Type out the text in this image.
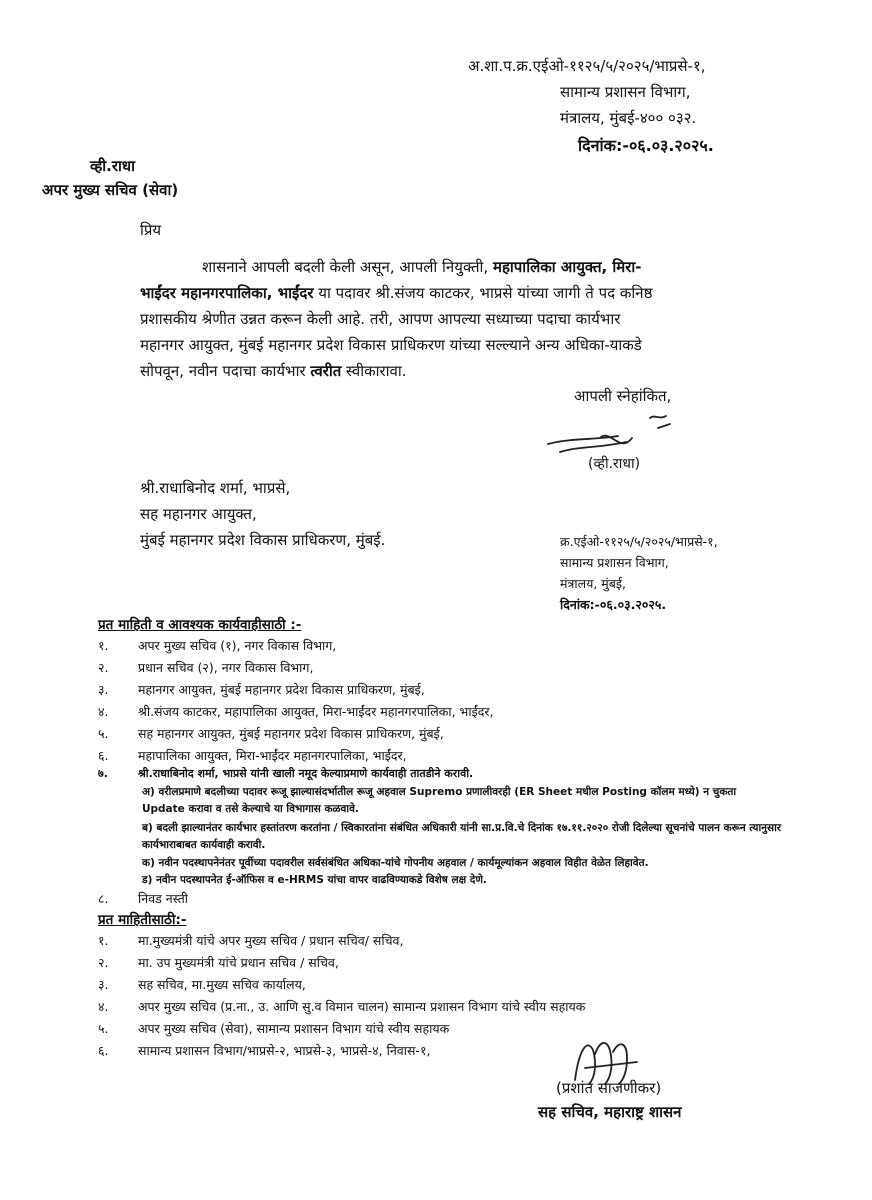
अ.शा.प.क्र.एईओ-११२५/५/२०२५/भाप्रसे-१,
सामान्य प्रशासन विभाग,
मंत्रालय, मुंबई-४०० ०३२.
दिनांक:-०६.०३.२०२५.
व्ही.राधा
अपर मुख्य सचिव (सेवा)
प्रिय
शासनाने आपली बदली केली असून, आपली नियुक्ती, महापालिका आयुक्त, मिरा-
भाईंदर महानगरपालिका, भाईंदर या पदावर श्री.संजय काटकर, भाप्रसे यांच्या जागी ते पद कनिष्ठ
प्रशासकीय श्रेणीत उन्नत करून केली आहे. तरी, आपण आपल्या सध्याच्या पदाचा कार्यभार
महानगर आयुक्त, मुंबई महानगर प्रदेश विकास प्राधिकरण यांच्या सल्ल्याने अन्य अधिका-याकडे
सोपवून, नवीन पदाचा कार्यभार त्वरीत स्वीकारावा.
आपली स्नेहांकित,
(व्ही.राधा)
श्री.राधाबिनोद शर्मा, भाप्रसे,
सह महानगर आयुक्त,
मुंबई महानगर प्रदेश विकास प्राधिकरण, मुंबई.	क्र.एईओ-११२५/५/२०२५/भाप्रसे-१,
सामान्य प्रशासन विभाग,
मंत्रालय, मुंबई,
दिनांक:-०६.०३.२०२५.
प्रत माहिती व आवश्यक कार्यवाहीसाठी :-
१.	अपर मुख्य सचिव (१), नगर विकास विभाग,
२.	प्रधान सचिव (२), नगर विकास विभाग,
३.	महानगर आयुक्त, मुंबई महानगर प्रदेश विकास प्राधिकरण, मुंबई,
४.	श्री.संजय काटकर, महापालिका आयुक्त, मिरा-भाईंदर महानगरपालिका, भाईंदर,
५.	सह महानगर आयुक्त, मुंबई महानगर प्रदेश विकास प्राधिकरण, मुंबई,
६.	महापालिका आयुक्त, मिरा-भाईंदर महानगरपालिका, भाईंदर,
७.	श्री.राधाबिनोद शर्मा, भाप्रसे यांनी खाली नमूद केल्याप्रमाणे कार्यवाही तातडीने करावी.
अ) वरीलप्रमाणे बदलीच्या पदावर रूजू झाल्यासंदर्भातील रूजू अहवाल Supremo प्रणालीवरही (ER Sheet मधील Posting कॉलम मध्ये) न चुकता Update करावा व तसे केल्याचे या विभागास कळवावे.
ब) बदली झाल्यानंतर कार्यभार हस्तांतरण करतांना / स्विकारतांना संबंधित अधिकारी यांनी सा.प्र.वि.चे दिनांक १७.११.२०२० रोजी दिलेल्या सूचनांचे पालन करून त्यानुसार कार्यभाराबाबत कार्यवाही करावी.
क) नवीन पदस्थापनेनंतर पूर्वीच्या पदावरील सर्वसंबंधित अधिका-यांचे गोपनीय अहवाल / कार्यमूल्यांकन अहवाल विहीत वेळेत लिहावेत.
ड) नवीन पदस्थापनेत ई-ऑफिस व e-HRMS यांचा वापर वाढविण्याकडे विशेष लक्ष देणे.
८.	निवड नस्ती
प्रत माहितीसाठी:-
१.	मा.मुख्यमंत्री यांचे अपर मुख्य सचिव / प्रधान सचिव/ सचिव,
२.	मा. उप मुख्यमंत्री यांचे प्रधान सचिव / सचिव,
३.	सह सचिव, मा.मुख्य सचिव कार्यालय,
४.	अपर मुख्य सचिव (प्र.ना., उ. आणि सु.व विमान चालन) सामान्य प्रशासन विभाग यांचे स्वीय सहायक
५.	अपर मुख्य सचिव (सेवा), सामान्य प्रशासन विभाग यांचे स्वीय सहायक
६.	सामान्य प्रशासन विभाग/भाप्रसे-२, भाप्रसे-३, भाप्रसे-४, निवास-१,
(प्रशांत साजणीकर)
सह सचिव, महाराष्ट्र शासन
